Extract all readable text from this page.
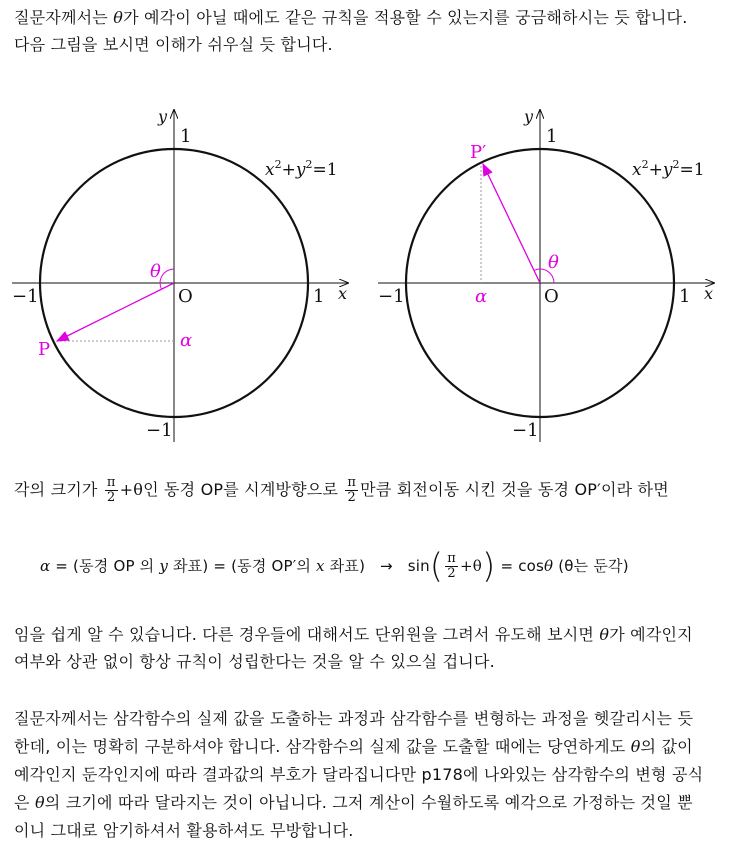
질문자께서는 θ가 예각이 아닐 때에도 같은 규칙을 적용할 수 있는지를 궁금해하시는 듯 합니다.
다음 그림을 보시면 이해가 쉬우실 듯 합니다.
y
1
$x^2+y^2=1$
θ
−1	O	1 x
α
P
−1
y
1
P′
$x^2+y^2=1$
θ
−1	α	O	1 x
−1
각의 크기가 $\frac{\pi}{2} +\theta$인 동경 OP를 시계방향으로 $\frac{\pi}{2}$ 만큼 회전이동 시킨 것을 동경 OP′이라 하면
α = (동경 OP 의 y 좌표) = (동경 OP′의 x 좌표)   →   $\sin( \frac{\pi}{2} +\theta) = \cos\theta$ (θ는 둔각)
임을 쉽게 알 수 있습니다. 다른 경우들에 대해서도 단위원을 그려서 유도해 보시면 θ가 예각인지
여부와 상관 없이 항상 규칙이 성립한다는 것을 알 수 있으실 겁니다.
질문자께서는 삼각함수의 실제 값을 도출하는 과정과 삼각함수를 변형하는 과정을 헷갈리시는 듯
한데, 이는 명확히 구분하셔야 합니다. 삼각함수의 실제 값을 도출할 때에는 당연하게도 θ의 값이
예각인지 둔각인지에 따라 결과값의 부호가 달라집니다만 p178에 나와있는 삼각함수의 변형 공식
은 θ의 크기에 따라 달라지는 것이 아닙니다. 그저 계산이 수월하도록 예각으로 가정하는 것일 뿐
이니 그대로 암기하셔서 활용하셔도 무방합니다.
